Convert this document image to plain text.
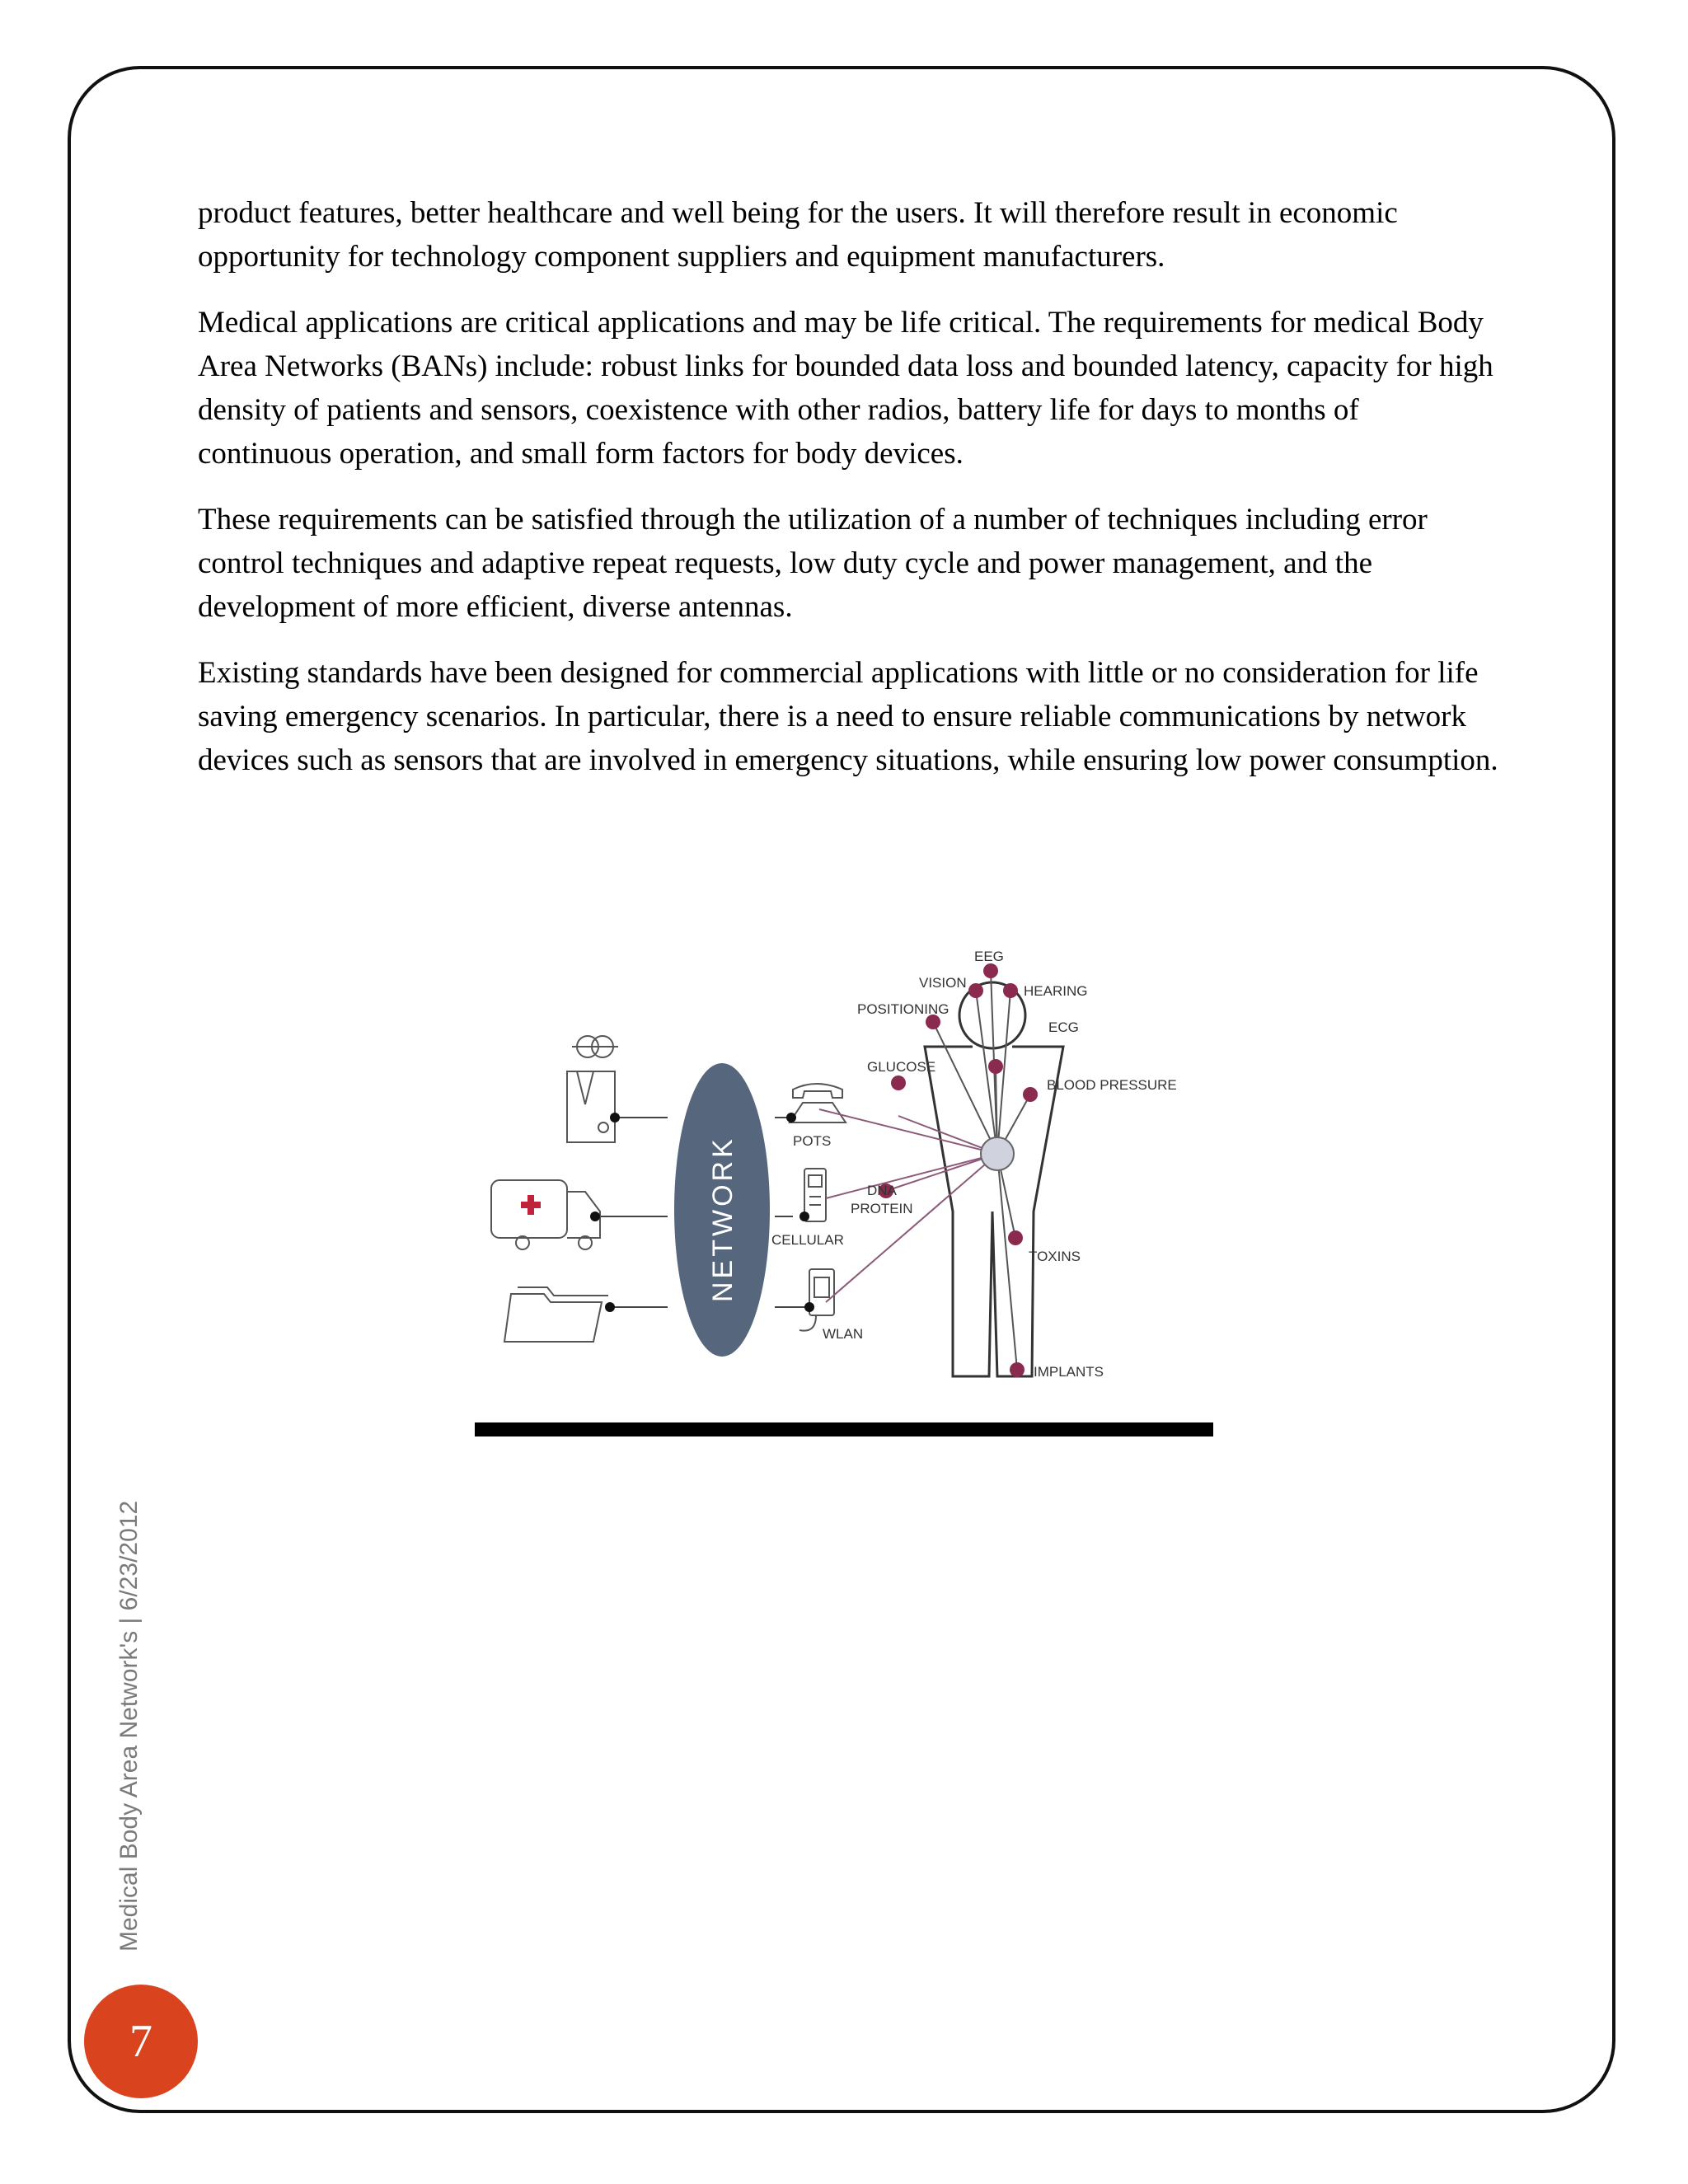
product features, better healthcare and well being for the users. It will therefore result in economic opportunity for technology component suppliers and equipment manufacturers.

Medical applications are critical applications and may be life critical. The requirements for medical Body Area Networks (BANs) include: robust links for bounded data loss and bounded latency, capacity for high density of patients and sensors, coexistence with other radios, battery life for days to months of continuous operation, and small form factors for body devices.

These requirements can be satisfied through the utilization of a number of techniques including error control techniques and adaptive repeat requests, low duty cycle and power management, and the development of more efficient, diverse antennas.

Existing standards have been designed for commercial applications with little or no consideration for life saving emergency scenarios. In particular, there is a need to ensure reliable communications by network devices such as sensors that are involved in emergency situations, while ensuring low power consumption.

NETWORK	POTS
CELLULAR
WLAN
EEG
VISION
HEARING
POSITIONING
ECG
GLUCOSE
BLOOD PRESSURE
DNA
PROTEIN
TOXINS
IMPLANTS
Medical Body Area Network's | 6/23/2012
7
